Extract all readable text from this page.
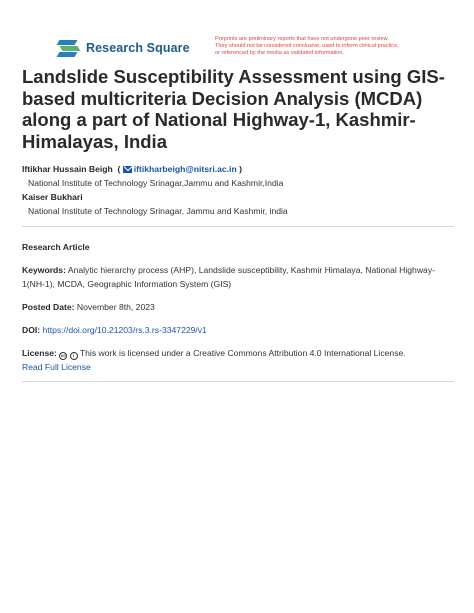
Research Square
Preprints are preliminary reports that have not undergone peer review.
They should not be considered conclusive, used to inform clinical practice,
or referenced by the media as validated information.
Landslide Susceptibility Assessment using GIS-based multicriteria Decision Analysis (MCDA) along a part of National Highway-1, Kashmir- Himalayas, India
Iftikhar Hussain Beigh  ( iftikharbeigh@nitsri.ac.in )
National Institute of Technology Srinagar,Jammu and Kashmir,India
Kaiser Bukhari
National Institute of Technology Srinagar, Jammu and Kashmir, india
Research Article
Keywords: Analytic hierarchy process (AHP), Landslide susceptibility, Kashmir Himalaya, National Highway-1(NH-1), MCDA, Geographic Information System (GIS)
Posted Date: November 8th, 2023
DOI: https://doi.org/10.21203/rs.3.rs-3347229/v1
License: cc i This work is licensed under a Creative Commons Attribution 4.0 International License.
Read Full License
